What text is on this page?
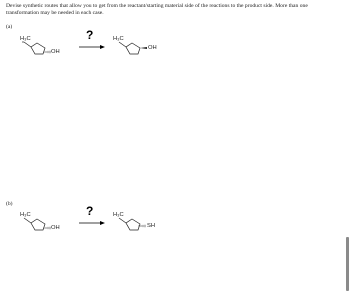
Devise synthetic routes that allow you to get from the reactant/starting material side of the reactions to the product side. More than one transformation may be needed in each case.

(a)

H₃C
OH
?	H₃C
OH

(b)

H₃C
OH
?	H₃C
SH
